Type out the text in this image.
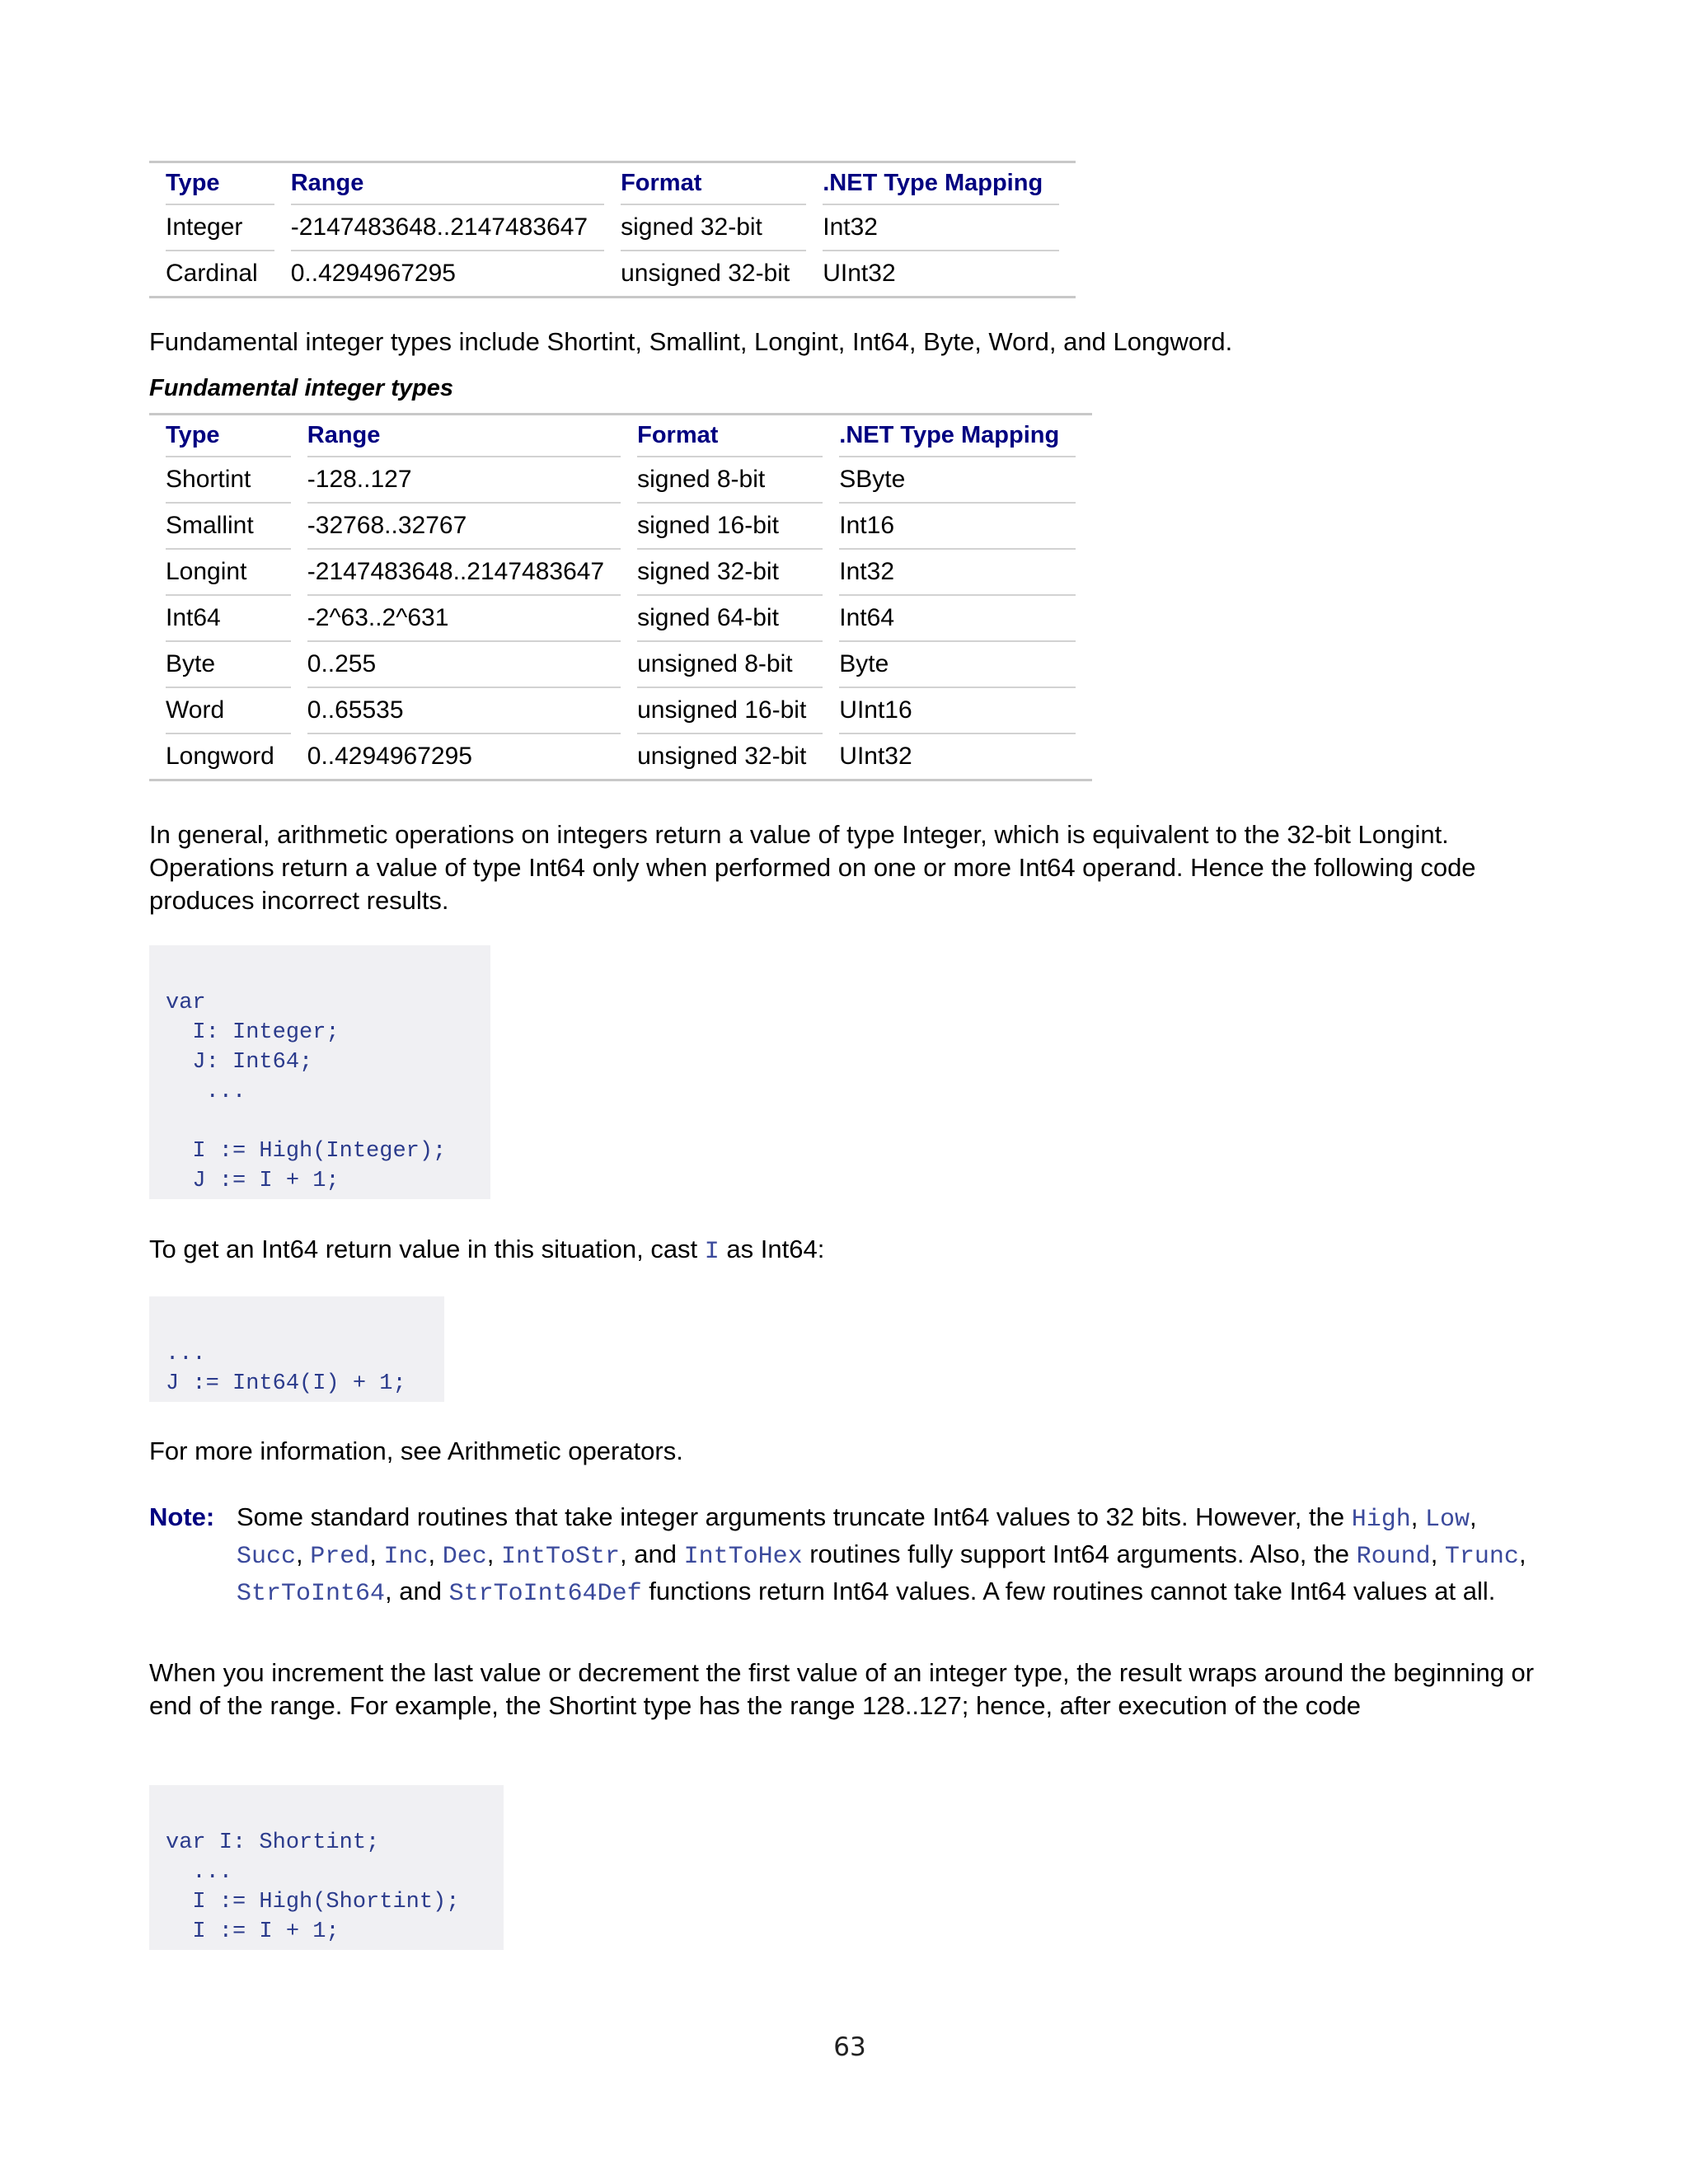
Type	Range	Format	.NET Type Mapping

Integer	-2147483648..2147483647	signed 32-bit	Int32

Cardinal	0..4294967295	unsigned 32-bit	UInt32
Fundamental integer types include Shortint, Smallint, Longint, Int64, Byte, Word, and Longword.
Fundamental integer types
Type	Range	Format	.NET Type Mapping

Shortint	-128..127	signed 8-bit	SByte

Smallint	-32768..32767	signed 16-bit	Int16

Longint	-2147483648..2147483647	signed 32-bit	Int32

Int64	-2^63..2^631	signed 64-bit	Int64

Byte	0..255	unsigned 8-bit	Byte

Word	0..65535	unsigned 16-bit	UInt16

Longword	0..4294967295	unsigned 32-bit	UInt32
In general, arithmetic operations on integers return a value of type Integer, which is equivalent to the 32-bit Longint. Operations return a value of type Int64 only when performed on one or more Int64 operand. Hence the following code produces incorrect results.
var
I: Integer;
J: Int64;
...
I := High(Integer);
J := I + 1;
To get an Int64 return value in this situation, cast I as Int64:
...
J := Int64(I) + 1;
For more information, see Arithmetic operators.
Note: Some standard routines that take integer arguments truncate Int64 values to 32 bits. However, the High, Low, Succ, Pred, Inc, Dec, IntToStr, and IntToHex routines fully support Int64 arguments. Also, the Round, Trunc, StrToInt64, and StrToInt64Def functions return Int64 values. A few routines cannot take Int64 values at all.
When you increment the last value or decrement the first value of an integer type, the result wraps around the beginning or end of the range. For example, the Shortint type has the range 128..127; hence, after execution of the code
var I: Shortint;
...
I := High(Shortint);
I := I + 1;
63
